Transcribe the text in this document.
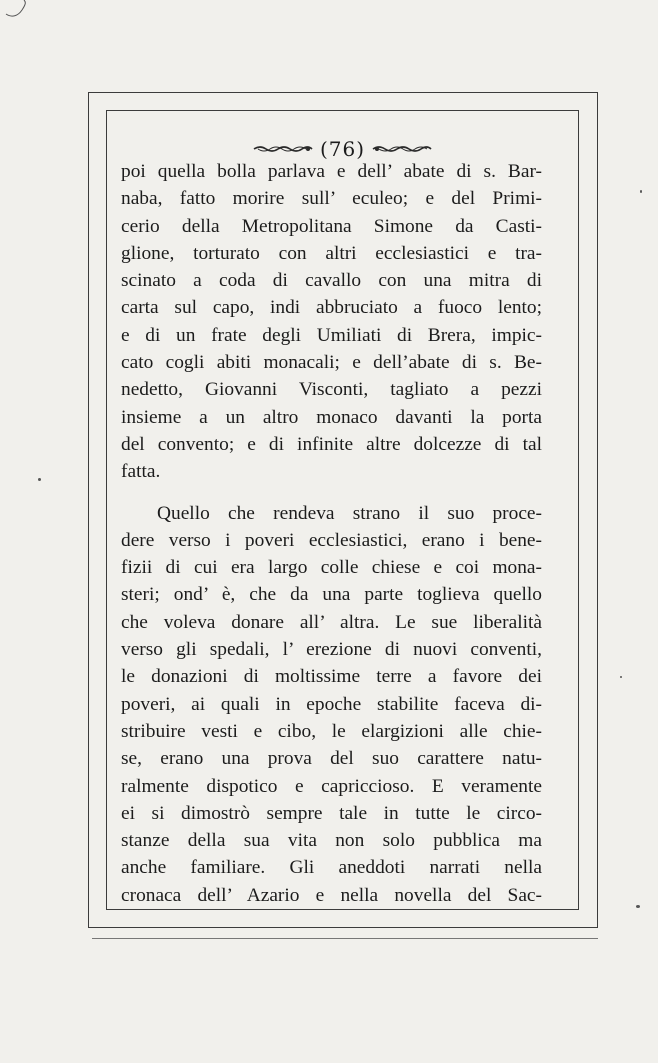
(76)
poi quella bolla parlava e dell’ abate di s. Bar-
naba, fatto morire sull’ eculeo; e del Primi-
cerio della Metropolitana Simone da Casti-
glione, torturato con altri ecclesiastici e tra-
scinato a coda di cavallo con una mitra di
carta sul capo, indi abbruciato a fuoco lento;
e di un frate degli Umiliati di Brera, impic-
cato cogli abiti monacali; e dell’abate di s. Be-
nedetto, Giovanni Visconti, tagliato a pezzi
insieme a un altro monaco davanti la porta
del convento; e di infinite altre dolcezze di tal
fatta.
Quello che rendeva strano il suo proce-
dere verso i poveri ecclesiastici, erano i bene-
fizii di cui era largo colle chiese e coi mona-
steri; ond’ è, che da una parte toglieva quello
che voleva donare all’ altra. Le sue liberalità
verso gli spedali, l’ erezione di nuovi conventi,
le donazioni di moltissime terre a favore dei
poveri, ai quali in epoche stabilite faceva di-
stribuire vesti e cibo, le elargizioni alle chie-
se, erano una prova del suo carattere natu-
ralmente dispotico e capriccioso. E veramente
ei si dimostrò sempre tale in tutte le circo-
stanze della sua vita non solo pubblica ma
anche familiare. Gli aneddoti narrati nella
cronaca dell’ Azario e nella novella del Sac-
